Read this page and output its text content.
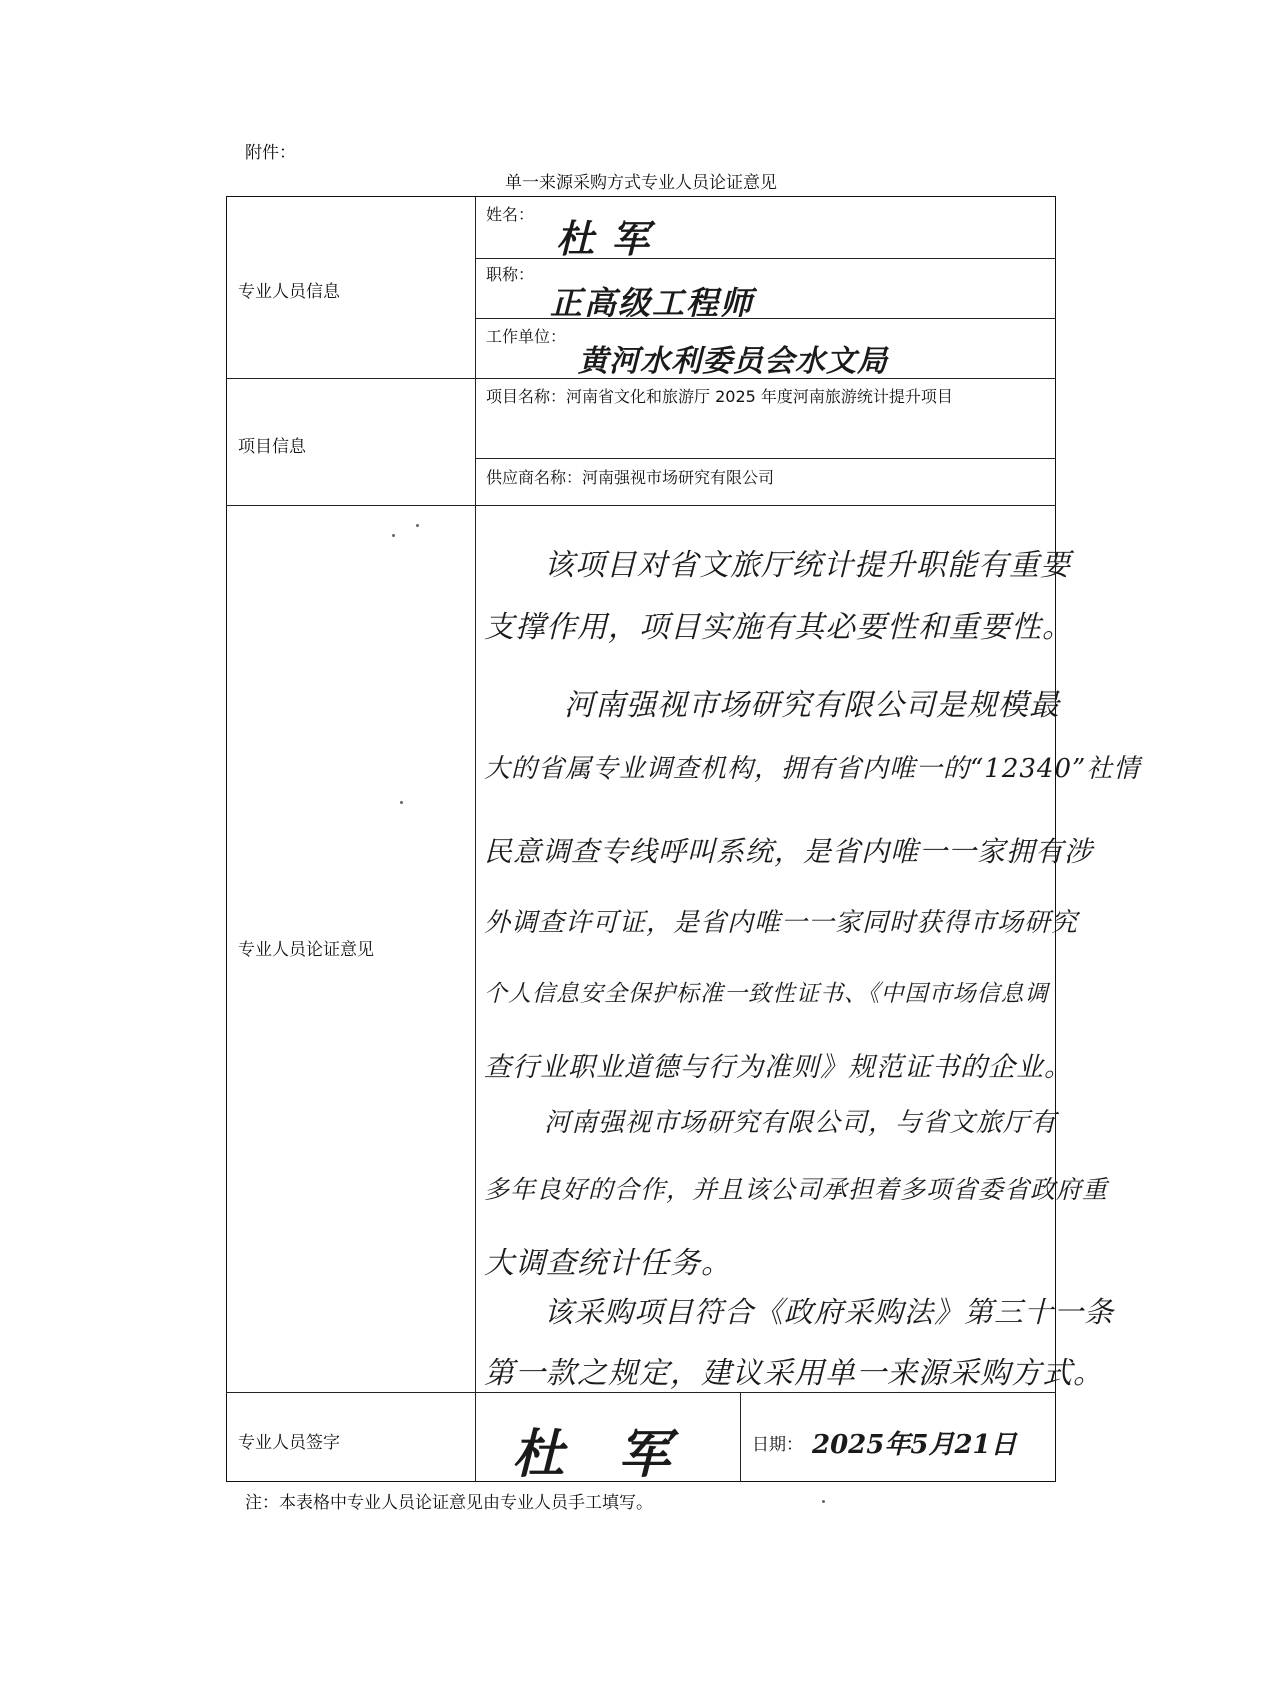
附件：
单一来源采购方式专业人员论证意见
专业人员信息
项目信息
专业人员论证意见
专业人员签字
姓名：
杜 军
职称：
正高级工程师
工作单位：
黄河水利委员会水文局
项目名称：河南省文化和旅游厅 2025 年度河南旅游统计提升项目
供应商名称：河南强视市场研究有限公司
该项目对省文旅厅统计提升职能有重要
支撑作用，项目实施有其必要性和重要性。
河南强视市场研究有限公司是规模最
大的省属专业调查机构，拥有省内唯一的“12340”社情
民意调查专线呼叫系统，是省内唯一一家拥有涉
外调查许可证，是省内唯一一家同时获得市场研究
个人信息安全保护标准一致性证书、《中国市场信息调
查行业职业道德与行为准则》规范证书的企业。
河南强视市场研究有限公司，与省文旅厅有
多年良好的合作，并且该公司承担着多项省委省政府重
大调查统计任务。
该采购项目符合《政府采购法》第三十一条
第一款之规定，建议采用单一来源采购方式。
杜 军	日期： 2025年5月21日
注：本表格中专业人员论证意见由专业人员手工填写。
